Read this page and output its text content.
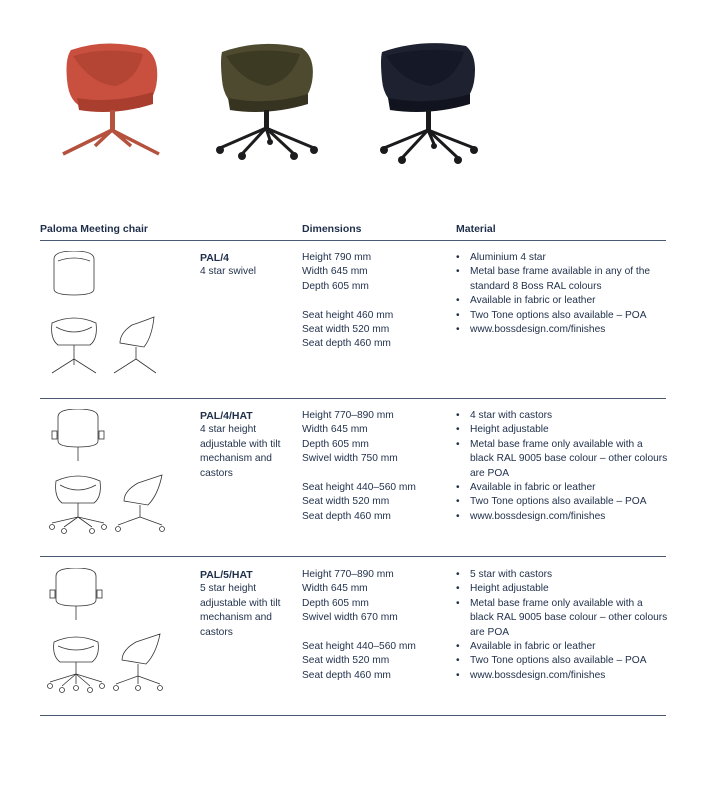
Paloma Meeting chair	Dimensions	Material
PAL/4
4 star swivel
Height 790 mm
Width 645 mm
Depth 605 mm
Seat height 460 mm
Seat width 520 mm
Seat depth 460 mm
• Aluminium 4 star
• Metal base frame available in any of the standard 8 Boss RAL colours
• Available in fabric or leather
• Two Tone options also available – POA
• www.bossdesign.com/finishes
PAL/4/HAT
4 star height adjustable with tilt mechanism and castors
Height 770–890 mm
Width 645 mm
Depth 605 mm
Swivel width 750 mm
Seat height 440–560 mm
Seat width 520 mm
Seat depth 460 mm
• 4 star with castors
• Height adjustable
• Metal base frame only available with a black RAL 9005 base colour – other colours are POA
• Available in fabric or leather
• Two Tone options also available – POA
• www.bossdesign.com/finishes
PAL/5/HAT
5 star height adjustable with tilt mechanism and castors
Height 770–890 mm
Width 645 mm
Depth 605 mm
Swivel width 670 mm
Seat height 440–560 mm
Seat width 520 mm
Seat depth 460 mm
• 5 star with castors
• Height adjustable
• Metal base frame only available with a black RAL 9005 base colour – other colours are POA
• Available in fabric or leather
• Two Tone options also available – POA
• www.bossdesign.com/finishes
